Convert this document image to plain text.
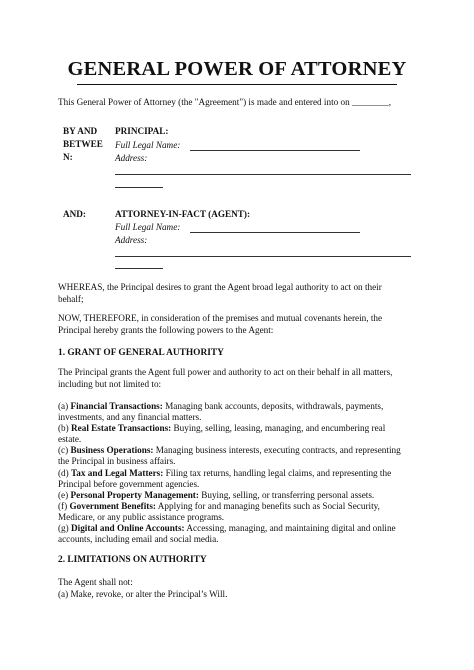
GENERAL POWER OF ATTORNEY
This General Power of Attorney (the "Agreement") is made and entered into on ________,
BY AND
BETWEE
N:
PRINCIPAL:
Full Legal Name:
Address:
AND:	ATTORNEY-IN-FACT (AGENT):
Full Legal Name:
Address:

WHEREAS, the Principal desires to grant the Agent broad legal authority to act on their

behalf;

NOW, THEREFORE, in consideration of the premises and mutual covenants herein, the

Principal hereby grants the following powers to the Agent:

1. GRANT OF GENERAL AUTHORITY

The Principal grants the Agent full power and authority to act on their behalf in all matters,

including but not limited to:

(a) Financial Transactions: Managing bank accounts, deposits, withdrawals, payments,

investments, and any financial matters.

(b) Real Estate Transactions: Buying, selling, leasing, managing, and encumbering real

estate.

(c) Business Operations: Managing business interests, executing contracts, and representing

the Principal in business affairs.

(d) Tax and Legal Matters: Filing tax returns, handling legal claims, and representing the

Principal before government agencies.

(e) Personal Property Management: Buying, selling, or transferring personal assets.

(f) Government Benefits: Applying for and managing benefits such as Social Security,

Medicare, or any public assistance programs.

(g) Digital and Online Accounts: Accessing, managing, and maintaining digital and online

accounts, including email and social media.

2. LIMITATIONS ON AUTHORITY

The Agent shall not:

(a) Make, revoke, or alter the Principal’s Will.
